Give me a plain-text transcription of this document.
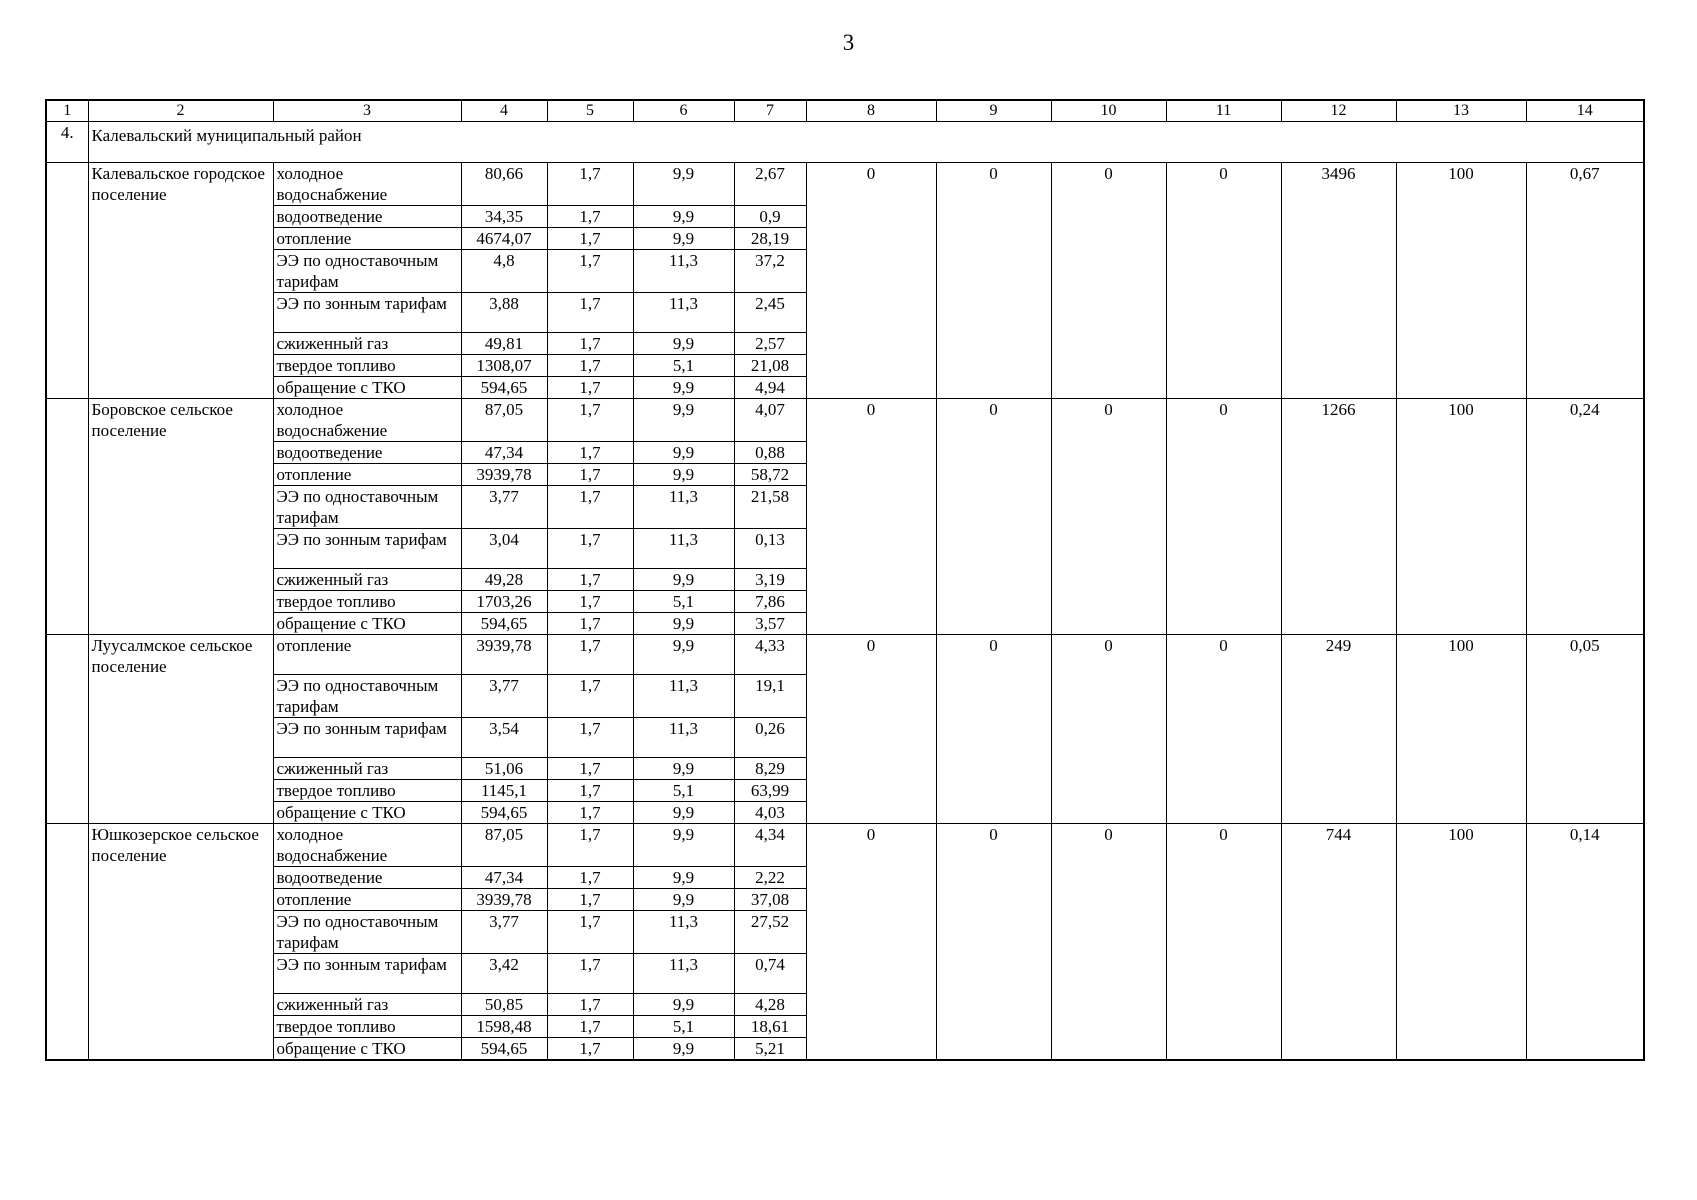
3
1	2	3	4	5	6	7	8	9	10	11	12	13	14
4.	Калевальский муниципальный район												
	Калевальское городское поселение	холодное водоснабжение	80,66	1,7	9,9	2,67	0	0	0	0	3496	100	0,67
		водоотведение	34,35	1,7	9,9	0,9							
		отопление	4674,07	1,7	9,9	28,19							
		ЭЭ по одноставочным тарифам	4,8	1,7	11,3	37,2							
		ЭЭ по зонным тарифам	3,88	1,7	11,3	2,45							
		сжиженный газ	49,81	1,7	9,9	2,57							
		твердое топливо	1308,07	1,7	5,1	21,08							
		обращение с ТКО	594,65	1,7	9,9	4,94							
	Боровское сельское поселение	холодное водоснабжение	87,05	1,7	9,9	4,07	0	0	0	0	1266	100	0,24
		водоотведение	47,34	1,7	9,9	0,88							
		отопление	3939,78	1,7	9,9	58,72							
		ЭЭ по одноставочным тарифам	3,77	1,7	11,3	21,58							
		ЭЭ по зонным тарифам	3,04	1,7	11,3	0,13							
		сжиженный газ	49,28	1,7	9,9	3,19							
		твердое топливо	1703,26	1,7	5,1	7,86							
		обращение с ТКО	594,65	1,7	9,9	3,57							
	Луусалмское сельское поселение	отопление	3939,78	1,7	9,9	4,33	0	0	0	0	249	100	0,05
		ЭЭ по одноставочным тарифам	3,77	1,7	11,3	19,1							
		ЭЭ по зонным тарифам	3,54	1,7	11,3	0,26							
		сжиженный газ	51,06	1,7	9,9	8,29							
		твердое топливо	1145,1	1,7	5,1	63,99							
		обращение с ТКО	594,65	1,7	9,9	4,03							
	Юшкозерское сельское поселение	холодное водоснабжение	87,05	1,7	9,9	4,34	0	0	0	0	744	100	0,14
		водоотведение	47,34	1,7	9,9	2,22							
		отопление	3939,78	1,7	9,9	37,08							
		ЭЭ по одноставочным тарифам	3,77	1,7	11,3	27,52							
		ЭЭ по зонным тарифам	3,42	1,7	11,3	0,74							
		сжиженный газ	50,85	1,7	9,9	4,28							
		твердое топливо	1598,48	1,7	5,1	18,61							
		обращение с ТКО	594,65	1,7	9,9	5,21							
